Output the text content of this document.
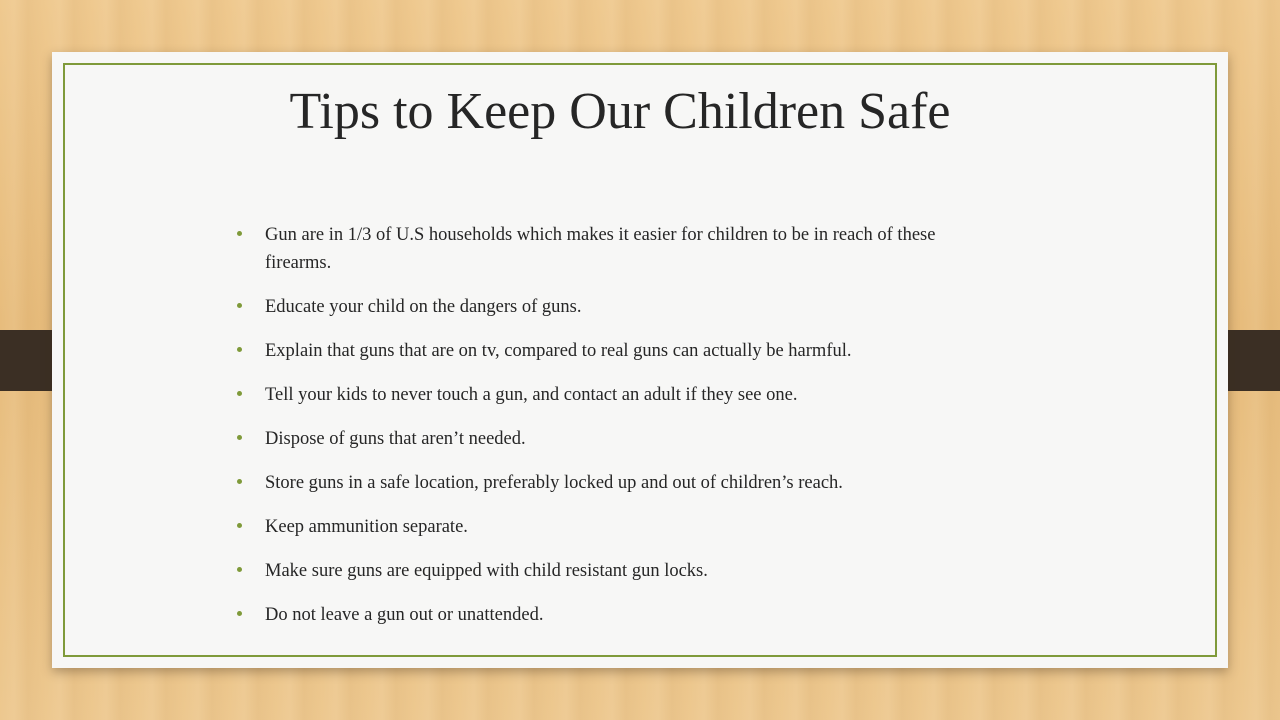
Tips to Keep Our Children Safe
Gun are in 1/3 of U.S households which makes it easier for children to be in reach of these firearms.
Educate your child on the dangers of guns.
Explain that guns that are on tv, compared to real guns can actually be harmful.
Tell your kids to never touch a gun, and contact an adult if they see one.
Dispose of guns that aren’t needed.
Store guns in a safe location, preferably locked up and out of children’s reach.
Keep ammunition separate.
Make sure guns are equipped with child resistant gun locks.
Do not leave a gun out or unattended.
